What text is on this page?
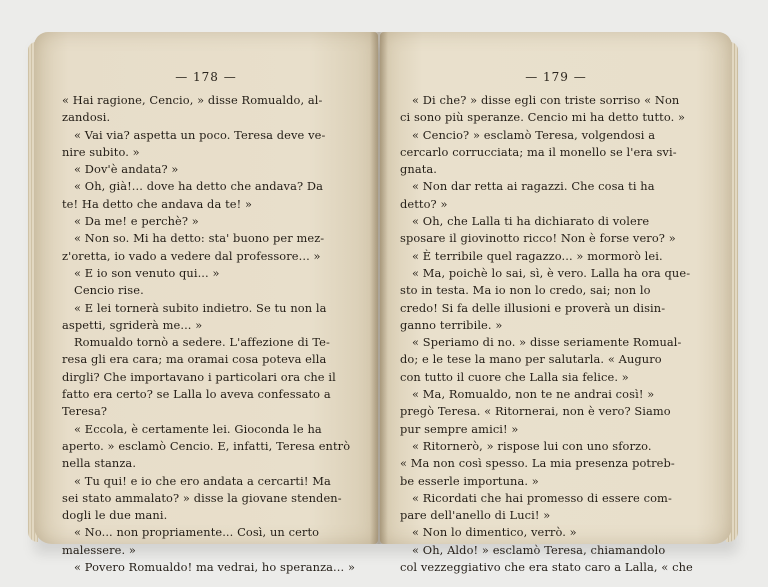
— 178 —
« Hai ragione, Cencio, » disse Romualdo, al-
zandosi.
« Vai via? aspetta un poco. Teresa deve ve-
nire subito. »
« Dov'è andata? »
« Oh, già!... dove ha detto che andava? Da
te! Ha detto che andava da te! »
« Da me! e perchè? »
« Non so. Mi ha detto: sta' buono per mez-
z'oretta, io vado a vedere dal professore... »
« E io son venuto qui... »
Cencio rise.
« E lei tornerà subito indietro. Se tu non la
aspetti, sgriderà me... »
Romualdo tornò a sedere. L'affezione di Te-
resa gli era cara; ma oramai cosa poteva ella
dirgli? Che importavano i particolari ora che il
fatto era certo? se Lalla lo aveva confessato a
Teresa?
« Eccola, è certamente lei. Gioconda le ha
aperto. » esclamò Cencio. E, infatti, Teresa entrò
nella stanza.
« Tu qui! e io che ero andata a cercarti! Ma
sei stato ammalato? » disse la giovane stenden-
dogli le due mani.
« No... non propriamente... Così, un certo
malessere. »
« Povero Romualdo! ma vedrai, ho speranza... »
— 179 —
« Di che? » disse egli con triste sorriso « Non
ci sono più speranze. Cencio mi ha detto tutto. »
« Cencio? » esclamò Teresa, volgendosi a
cercarlo corrucciata; ma il monello se l'era svi-
gnata.
« Non dar retta ai ragazzi. Che cosa ti ha
detto? »
« Oh, che Lalla ti ha dichiarato di volere
sposare il giovinotto ricco! Non è forse vero? »
« È terribile quel ragazzo... » mormorò lei.
« Ma, poichè lo sai, sì, è vero. Lalla ha ora que-
sto in testa. Ma io non lo credo, sai; non lo
credo! Si fa delle illusioni e proverà un disin-
ganno terribile. »
« Speriamo di no. » disse seriamente Romual-
do; e le tese la mano per salutarla. « Auguro
con tutto il cuore che Lalla sia felice. »
« Ma, Romualdo, non te ne andrai così! »
pregò Teresa. « Ritornerai, non è vero? Siamo
pur sempre amici! »
« Ritornerò, » rispose lui con uno sforzo.
« Ma non così spesso. La mia presenza potreb-
be esserle importuna. »
« Ricordati che hai promesso di essere com-
pare dell'anello di Luci! »
« Non lo dimentico, verrò. »
« Oh, Aldo! » esclamò Teresa, chiamandolo
col vezzeggiativo che era stato caro a Lalla, « che
